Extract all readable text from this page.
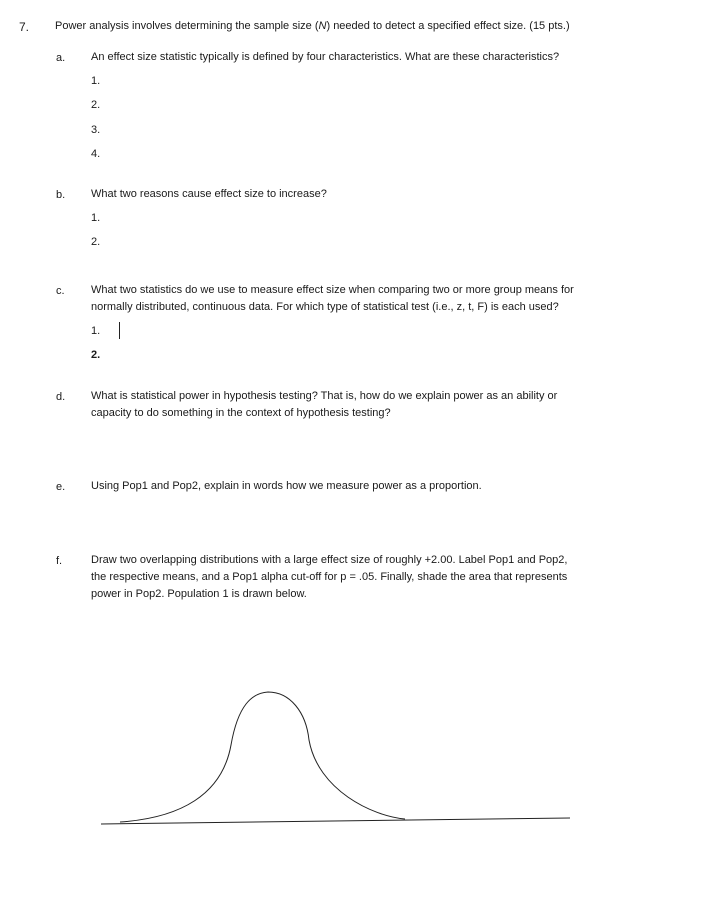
7. Power analysis involves determining the sample size (N) needed to detect a specified effect size. (15 pts.)
a. An effect size statistic typically is defined by four characteristics. What are these characteristics?
1.
2.
3.
4.
b. What two reasons cause effect size to increase?
1.
2.
c. What two statistics do we use to measure effect size when comparing two or more group means for
normally distributed, continuous data. For which type of statistical test (i.e., z, t, F) is each used?
1.
2.
d. What is statistical power in hypothesis testing? That is, how do we explain power as an ability or
capacity to do something in the context of hypothesis testing?
e. Using Pop1 and Pop2, explain in words how we measure power as a proportion.
f.	Draw two overlapping distributions with a large effect size of roughly +2.00. Label Pop1 and Pop2,
the respective means, and a Pop1 alpha cut-off for p = .05. Finally, shade the area that represents
power in Pop2. Population 1 is drawn below.
